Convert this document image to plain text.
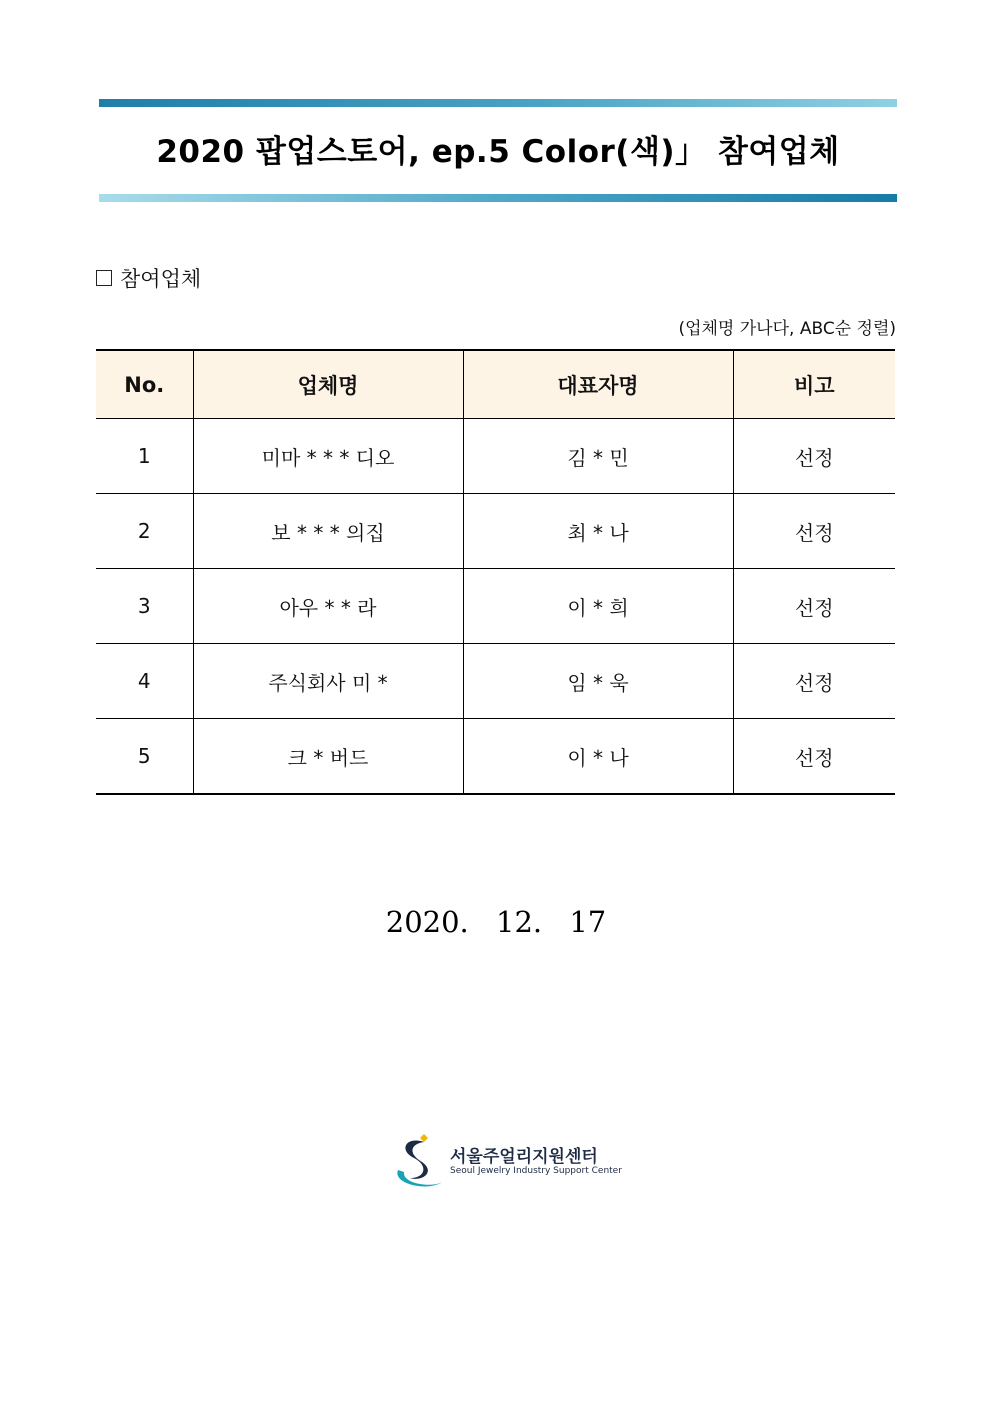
2020 팝업스토어, ep.5 Color(색)」 참여업체
참여업체
(업체명 가나다, ABC순 정렬)
No.	업체명	대표자명	비고
1	미마 * * * 디오	김 * 민	선정
2	보 * * * 의집	최 * 나	선정
3	아우 * * 라	이 * 희	선정
4	주식회사 미 *	임 * 욱	선정
5	크 * 버드	이 * 나	선정
2020. 12. 17
서울주얼리지원센터
Seoul Jewelry Industry Support Center
